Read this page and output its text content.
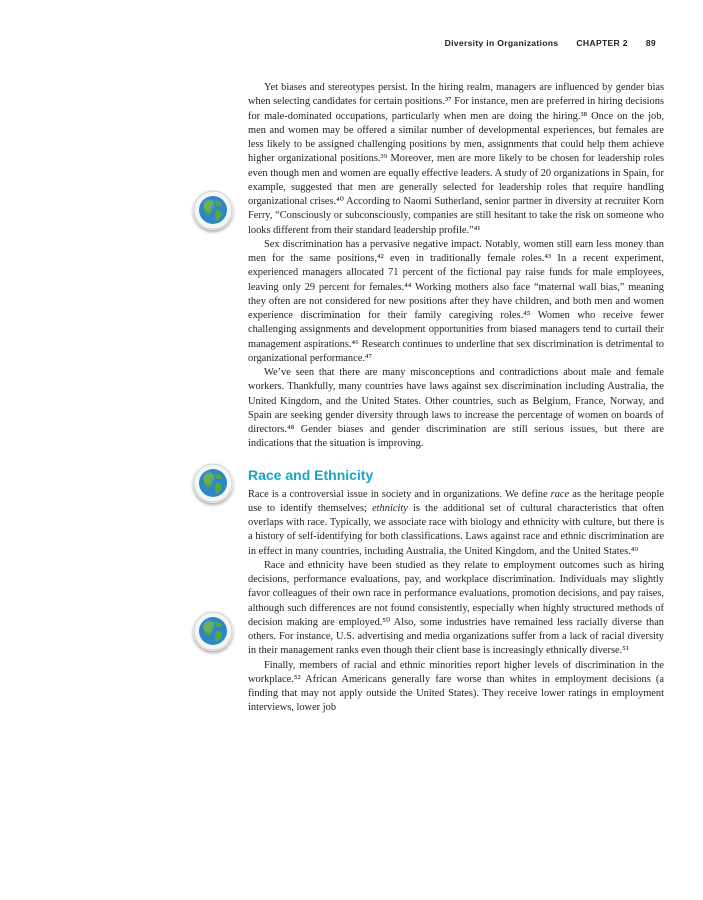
Diversity in Organizations CHAPTER 2 89

Yet biases and stereotypes persist. In the hiring realm, managers are influenced by gender bias when selecting candidates for certain positions.³⁷ For instance, men are preferred in hiring decisions for male-dominated occupations, particularly when men are doing the hiring.³⁸ Once on the job, men and women may be offered a similar number of developmental experiences, but females are less likely to be assigned challenging positions by men, assignments that could help them achieve higher organizational positions.³⁹ Moreover, men are more likely to be chosen for leadership roles even though men and women are equally effective leaders. A study of 20 organizations in Spain, for example, suggested that men are generally selected for leadership roles that require handling organizational crises.⁴⁰ According to Naomi Sutherland, senior partner in diversity at recruiter Korn Ferry, “Consciously or subconsciously, companies are still hesitant to take the risk on someone who looks different from their standard leadership profile.”⁴¹

Sex discrimination has a pervasive negative impact. Notably, women still earn less money than men for the same positions,⁴² even in traditionally female roles.⁴³ In a recent experiment, experienced managers allocated 71 percent of the fictional pay raise funds for male employees, leaving only 29 percent for females.⁴⁴ Working mothers also face “maternal wall bias,” meaning they often are not considered for new positions after they have children, and both men and women experience discrimination for their family caregiving roles.⁴⁵ Women who receive fewer challenging assignments and development opportunities from biased managers tend to curtail their management aspirations.⁴⁶ Research continues to underline that sex discrimination is detrimental to organizational performance.⁴⁷

We’ve seen that there are many misconceptions and contradictions about male and female workers. Thankfully, many countries have laws against sex discrimination including Australia, the United Kingdom, and the United States. Other countries, such as Belgium, France, Norway, and Spain are seeking gender diversity through laws to increase the percentage of women on boards of directors.⁴⁸ Gender biases and gender discrimination are still serious issues, but there are indications that the situation is improving.

Race and Ethnicity

Race is a controversial issue in society and in organizations. We define race as the heritage people use to identify themselves; ethnicity is the additional set of cultural characteristics that often overlaps with race. Typically, we associate race with biology and ethnicity with culture, but there is a history of self-identifying for both classifications. Laws against race and ethnic discrimination are in effect in many countries, including Australia, the United Kingdom, and the United States.⁴⁹

Race and ethnicity have been studied as they relate to employment outcomes such as hiring decisions, performance evaluations, pay, and workplace discrimination. Individuals may slightly favor colleagues of their own race in performance evaluations, promotion decisions, and pay raises, although such differences are not found consistently, especially when highly structured methods of decision making are employed.⁵⁰ Also, some industries have remained less racially diverse than others. For instance, U.S. advertising and media organizations suffer from a lack of racial diversity in their management ranks even though their client base is increasingly ethnically diverse.⁵¹

Finally, members of racial and ethnic minorities report higher levels of discrimination in the workplace.⁵² African Americans generally fare worse than whites in employment decisions (a finding that may not apply outside the United States). They receive lower ratings in employment interviews, lower job
